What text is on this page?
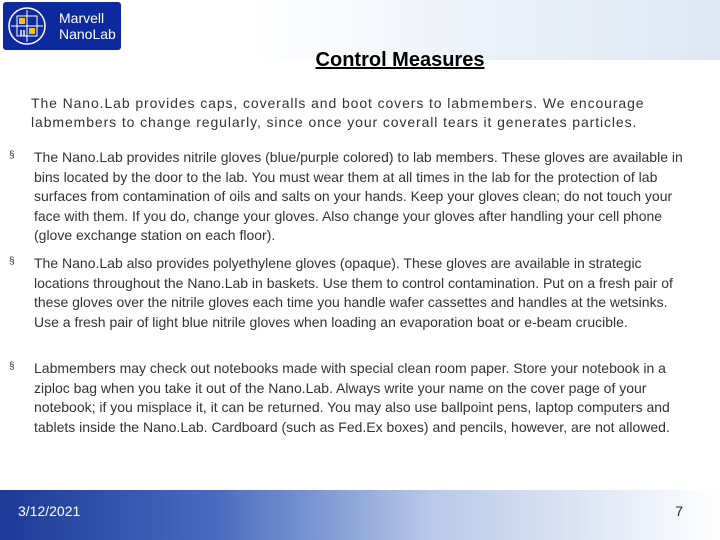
Marvell
NanoLab
Control Measures
The Nano.Lab provides caps, coveralls and boot covers to labmembers. We encourage labmembers to change regularly, since once your coverall tears it generates particles.
§ The Nano.Lab provides nitrile gloves (blue/purple colored) to lab members. These gloves are available in bins located by the door to the lab. You must wear them at all times in the lab for the protection of lab surfaces from contamination of oils and salts on your hands. Keep your gloves clean; do not touch your face with them. If you do, change your gloves. Also change your gloves after handling your cell phone (glove exchange station on each floor).
§ The Nano.Lab also provides polyethylene gloves (opaque). These gloves are available in strategic locations throughout the Nano.Lab in baskets. Use them to control contamination. Put on a fresh pair of these gloves over the nitrile gloves each time you handle wafer cassettes and handles at the wetsinks. Use a fresh pair of light blue nitrile gloves when loading an evaporation boat or e-beam crucible.
§ Labmembers may check out notebooks made with special clean room paper. Store your notebook in a ziploc bag when you take it out of the Nano.Lab. Always write your name on the cover page of your notebook; if you misplace it, it can be returned. You may also use ballpoint pens, laptop computers and tablets inside the Nano.Lab. Cardboard (such as Fed.Ex boxes) and pencils, however, are not allowed.
3/12/2021	7
